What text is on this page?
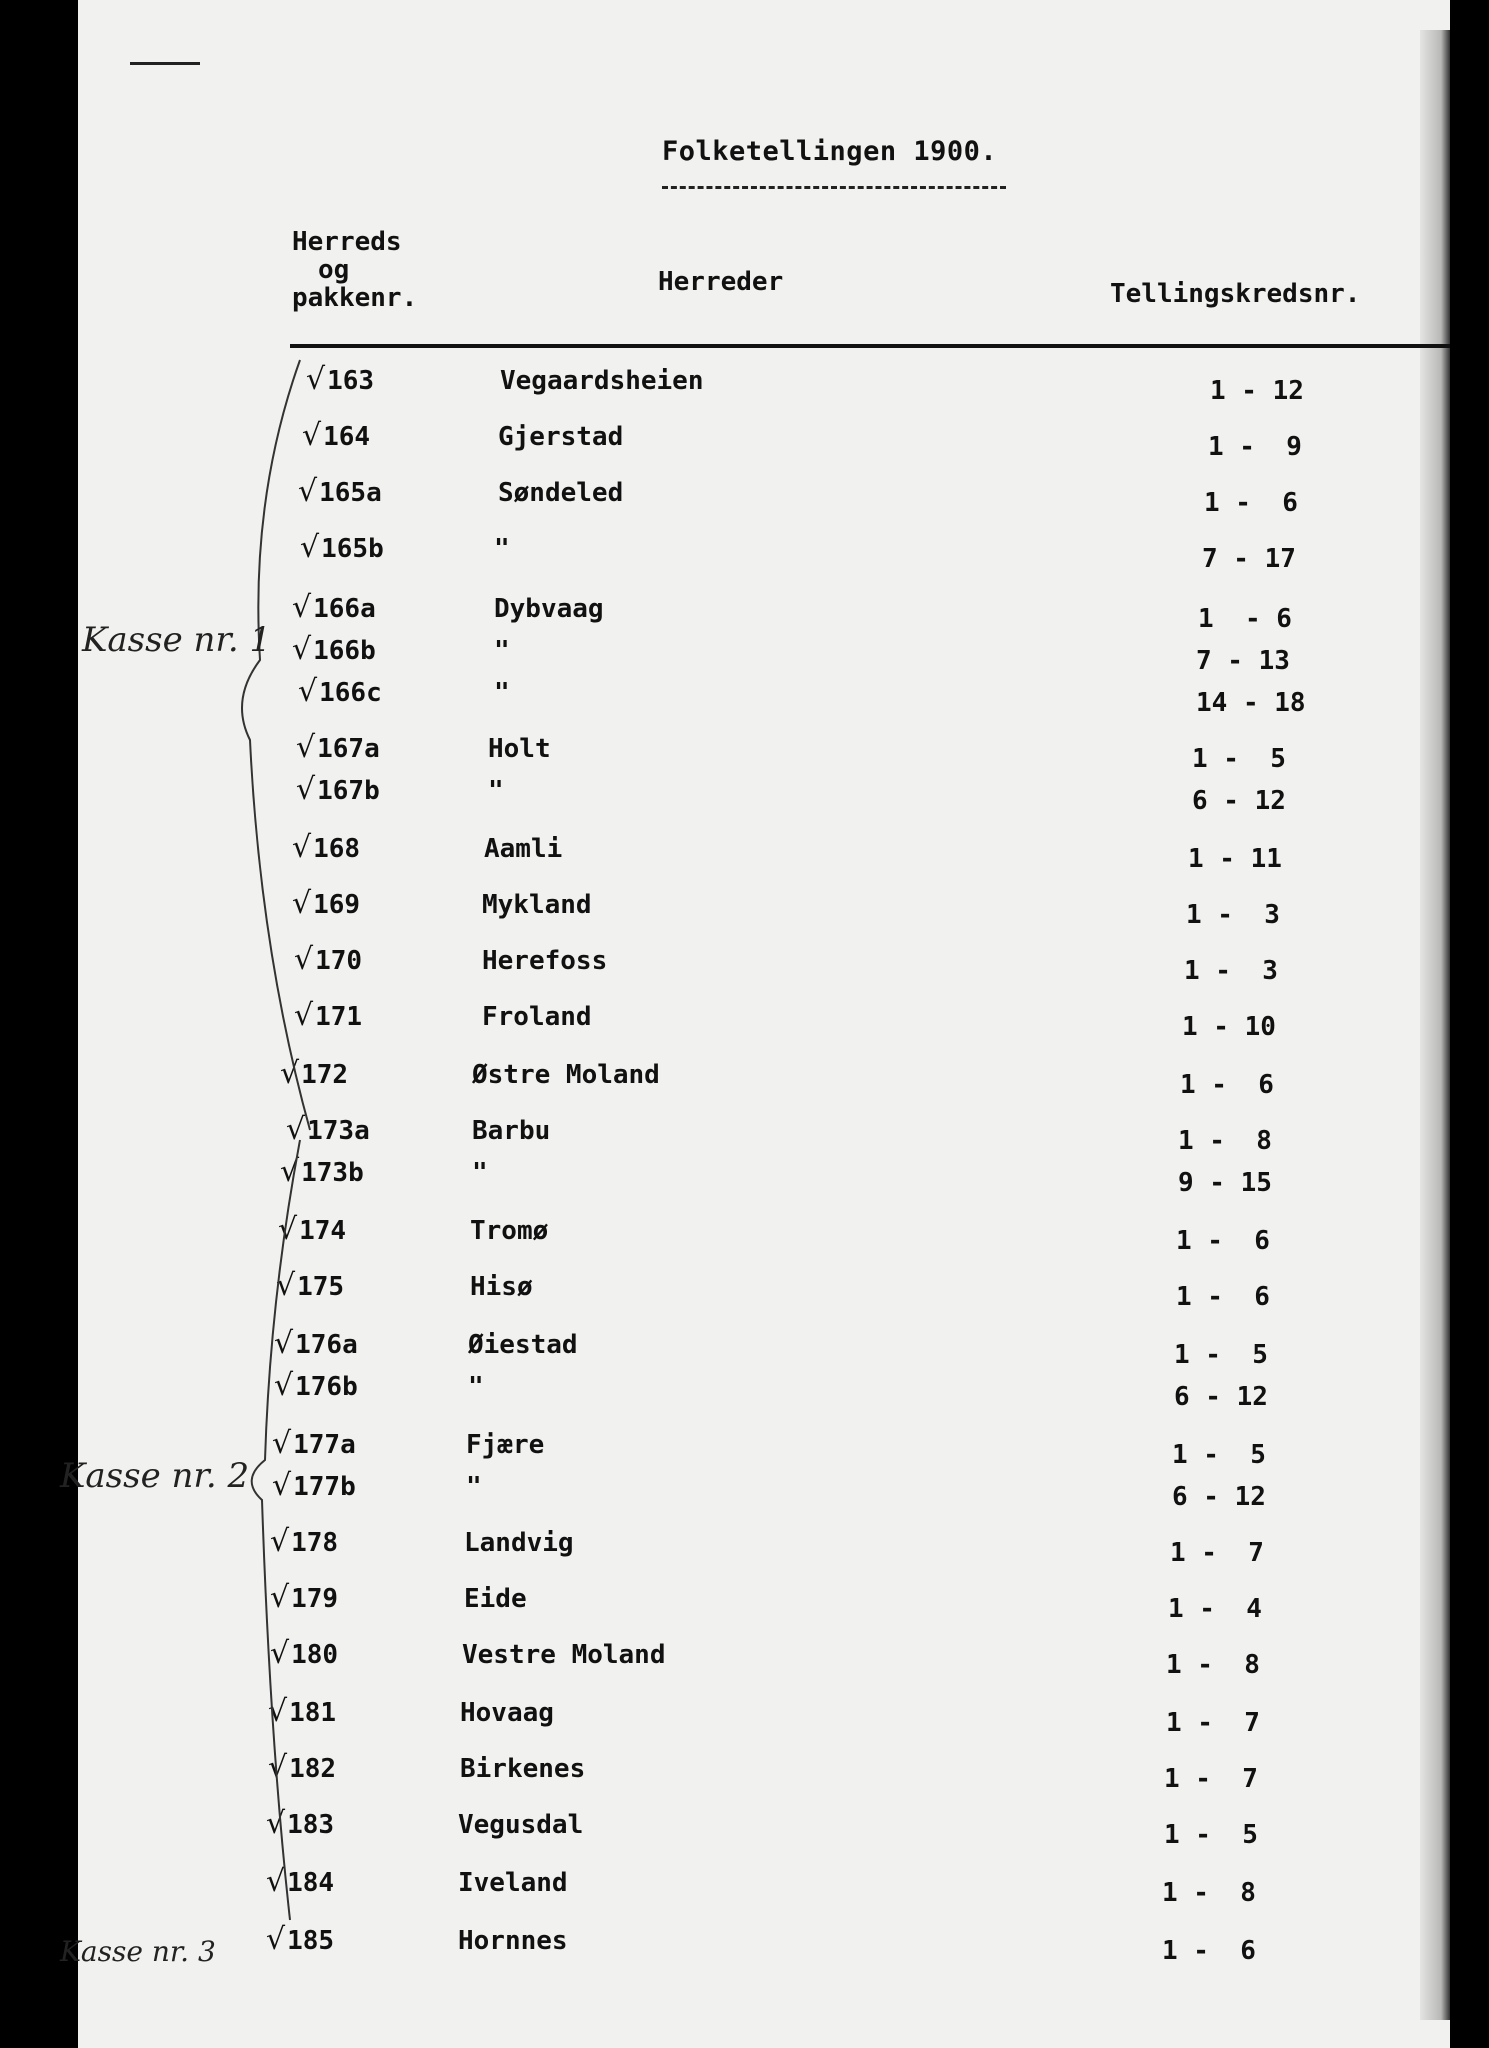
Folketellingen 1900.
Herreds
og
pakkenr.
Herreder	Tellingskredsnr.
√163	Vegaardsheien	1 - 12
√164	Gjerstad	1 -  9
√165a	Søndeled	1 -  6
√165b	"	7 - 17
√166a	Dybvaag	1  - 6
√166b	"	7 - 13
√166c	"	14 - 18
√167a	Holt	1 -  5
√167b	"	6 - 12
√168	Aamli	1 - 11
√169	Mykland	1 -  3
√170	Herefoss	1 -  3
√171	Froland	1 - 10
√172	Østre Moland	1 -  6
√173a	Barbu	1 -  8
√173b	"	9 - 15
√174	Tromø	1 -  6
√175	Hisø	1 -  6
√176a	Øiestad	1 -  5
√176b	"	6 - 12
√177a	Fjære	1 -  5
√177b	"	6 - 12
√178	Landvig	1 -  7
√179	Eide	1 -  4
√180	Vestre Moland	1 -  8
√181	Hovaag	1 -  7
√182	Birkenes	1 -  7
√183	Vegusdal	1 -  5
√184	Iveland	1 -  8
√185	Hornnes	1 -  6
Kasse nr. 1
Kasse nr. 2
Kasse nr. 3
